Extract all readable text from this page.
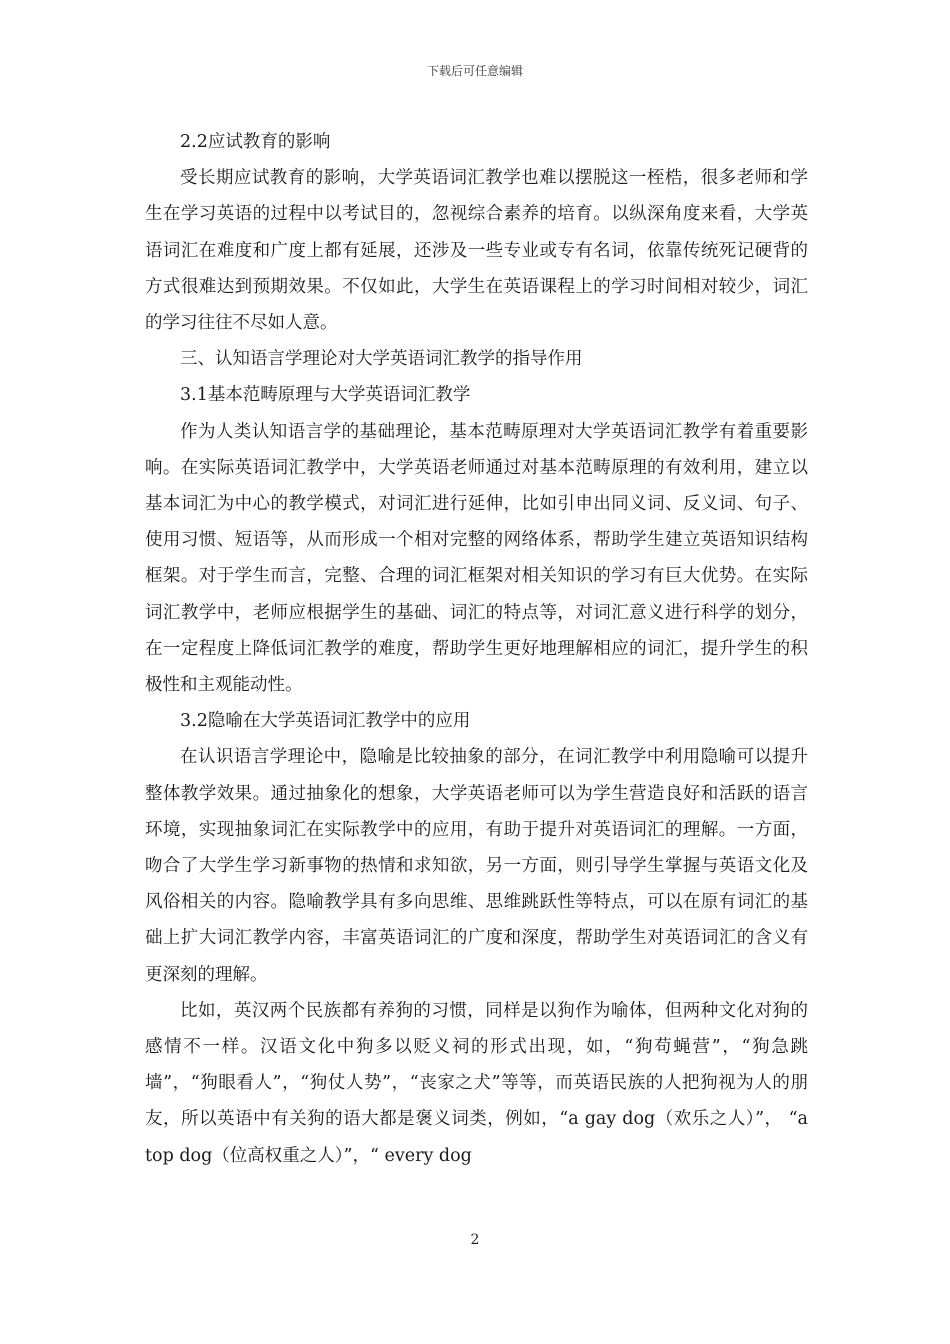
下载后可任意编辑

2.2应试教育的影响

受长期应试教育的影响，大学英语词汇教学也难以摆脱这一桎梏，很多老师和学生在学习英语的过程中以考试目的，忽视综合素养的培育。以纵深角度来看，大学英语词汇在难度和广度上都有延展，还涉及一些专业或专有名词，依靠传统死记硬背的方式很难达到预期效果。不仅如此，大学生在英语课程上的学习时间相对较少，词汇的学习往往不尽如人意。

三、认知语言学理论对大学英语词汇教学的指导作用

3.1基本范畴原理与大学英语词汇教学

作为人类认知语言学的基础理论，基本范畴原理对大学英语词汇教学有着重要影响。在实际英语词汇教学中，大学英语老师通过对基本范畴原理的有效利用，建立以基本词汇为中心的教学模式，对词汇进行延伸，比如引申出同义词、反义词、句子、使用习惯、短语等，从而形成一个相对完整的网络体系，帮助学生建立英语知识结构框架。对于学生而言，完整、合理的词汇框架对相关知识的学习有巨大优势。在实际词汇教学中，老师应根据学生的基础、词汇的特点等，对词汇意义进行科学的划分，在一定程度上降低词汇教学的难度，帮助学生更好地理解相应的词汇，提升学生的积极性和主观能动性。

3.2隐喻在大学英语词汇教学中的应用

在认识语言学理论中，隐喻是比较抽象的部分，在词汇教学中利用隐喻可以提升整体教学效果。通过抽象化的想象，大学英语老师可以为学生营造良好和活跃的语言环境，实现抽象词汇在实际教学中的应用，有助于提升对英语词汇的理解。一方面，吻合了大学生学习新事物的热情和求知欲，另一方面，则引导学生掌握与英语文化及风俗相关的内容。隐喻教学具有多向思维、思维跳跃性等特点，可以在原有词汇的基础上扩大词汇教学内容，丰富英语词汇的广度和深度，帮助学生对英语词汇的含义有更深刻的理解。

比如，英汉两个民族都有养狗的习惯，同样是以狗作为喻体，但两种文化对狗的感情不一样。汉语文化中狗多以贬义祠的形式出现，如，“狗苟蝇营”，“狗急跳墙”，“狗眼看人”，“狗仗人势”，“丧家之犬”等等，而英语民族的人把狗视为人的朋友，所以英语中有关狗的语大都是褒义词类，例如，“a gay dog（欢乐之人）”， “a top dog（位高权重之人）”，“ every dog

2
